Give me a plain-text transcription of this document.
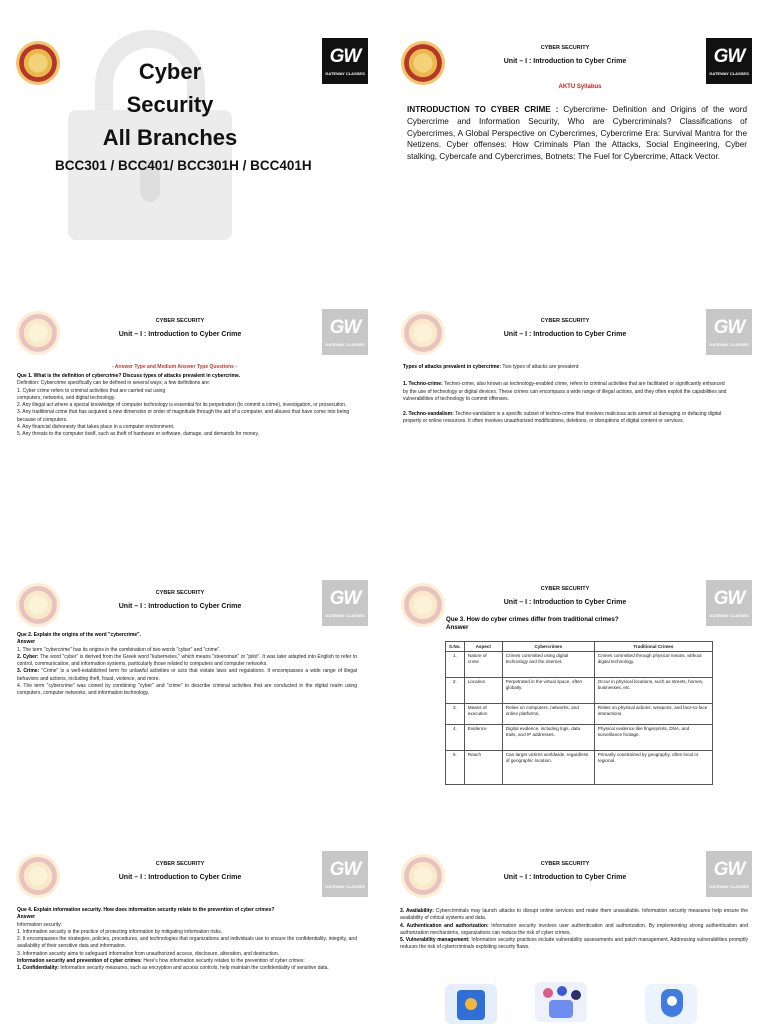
GW
GATEWAY CLASSES
Cyber
Security
All Branches
BCC301 / BCC401/ BCC301H / BCC401H
GW
GATEWAY CLASSES
CYBER SECURITY
Unit – I : Introduction to Cyber Crime
AKTU Syllabus
INTRODUCTION TO CYBER CRIME : Cybercrime- Definition and Origins of the word Cybercrime and Information Security, Who are Cybercriminals? Classifications of Cybercrimes, A Global Perspective on Cybercrimes, Cybercrime Era: Survival Mantra for the Netizens. Cyber offenses: How Criminals Plan the Attacks, Social Engineering, Cyber stalking, Cybercafe and Cybercrimes, Botnets: The Fuel for Cybercrime, Attack Vector.
GW
GATEWAY CLASSES
CYBER SECURITY
Unit – I : Introduction to Cyber Crime
- Answer Type and Medium Answer Type Questions -

Que 1. What is the definition of cybercrime? Discuss types of attacks prevalent in cybercrime.

Definition: Cybercrime specifically can be defined in several ways; a few definitions are:

1. Cyber crime refers to criminal activities that are carried out using

computers, networks, and digital technology.

2. Any illegal act where a special knowledge of computer technology is essential for its perpetration (to commit a crime), investigation, or prosecution.

3. Any traditional crime that has acquired a new dimension or order of magnitude through the aid of a computer, and abuses that have come into being because of computers.

4. Any financial dishonesty that takes place in a computer environment.

5. Any threats to the computer itself, such as theft of hardware or software, damage, and demands for money.

GW
GATEWAY CLASSES
CYBER SECURITY
Unit – I : Introduction to Cyber Crime

Types of attacks prevalent in cybercrime: Two types of attacks are prevalent:

1. Techno-crime: Techno-crime, also known as technology-enabled crime, refers to criminal activities that are facilitated or significantly enhanced by the use of technology or digital devices. These crimes can encompass a wide range of illegal actions, and they often exploit the capabilities and vulnerabilities of technology to commit offenses.

2. Techno-vandalism: Techno-vandalism is a specific subset of techno-crime that involves malicious acts aimed at damaging or defacing digital property or online resources. It often involves unauthorized modifications, deletions, or disruptions of digital content or services.

GW
GATEWAY CLASSES
CYBER SECURITY
Unit – I : Introduction to Cyber Crime

Que 2. Explain the origins of the word "cybercrime".

Answer

1. The term "cybercrime" has its origins in the combination of two words "cyber" and "crime".

2. Cyber: The word "cyber" is derived from the Greek word "kubernetes," which means "steersman" or "pilot". It was later adapted into English to refer to control, communication, and information systems, particularly those related to computers and computer networks.

3. Crime: "Crime" is a well-established term for unlawful activities or acts that violate laws and regulations. It encompasses a wide range of illegal behaviors and actions, including theft, fraud, violence, and more.

4. The term "cybercrime" was coined by combining "cyber" and "crime" to describe criminal activities that are conducted in the digital realm using computers, computer networks, and information technology.

GW
GATEWAY CLASSES
CYBER SECURITY
Unit – I : Introduction to Cyber Crime

Que 3. How do cyber crimes differ from traditional crimes?

Answer

S.No.	Aspect	Cybercrimes	Traditional Crimes
1.	Nature of crime	Crimes committed using digital technology and the internet.	Crimes committed through physical means, without digital technology.
2.	Location	Perpetrated in the virtual space, often globally.	Occur in physical locations, such as streets, homes, businesses, etc.
3.	Means of execution	Relies on computers, networks, and online platforms.	Relies on physical actions, weapons, and face-to-face interactions.
4.	Evidence	Digital evidence, including logs, data trails, and IP addresses.	Physical evidence like fingerprints, DNA, and surveillance footage.
5.	Reach	Can target victims worldwide, regardless of geographic location.	Primarily constrained by geography, often local or regional.
GW
GATEWAY CLASSES
CYBER SECURITY
Unit – I : Introduction to Cyber Crime

Que 4. Explain information security. How does information security relate to the prevention of cyber crimes?

Answer

Information security:

1. Information security is the practice of protecting information by mitigating information risks.

2. It encompasses the strategies, policies, procedures, and technologies that organizations and individuals use to ensure the confidentiality, integrity, and availability of their sensitive data and information.

3. Information security aims to safeguard information from unauthorized access, disclosure, alteration, and destruction.

Information security and prevention of cyber crimes: Here's how information security relates to the prevention of cyber crimes:

1. Confidentiality: Information security measures, such as encryption and access controls, help maintain the confidentiality of sensitive data.

GW
GATEWAY CLASSES
CYBER SECURITY
Unit – I : Introduction to Cyber Crime

3. Availability: Cybercriminals may launch attacks to disrupt online services and make them unavailable. Information security measures help ensure the availability of critical systems and data.

4. Authentication and authorization: Information security involves user authentication and authorization. By implementing strong authentication and authorization mechanisms, organizations can reduce the risk of cyber crimes.

5. Vulnerability management: Information security practices include vulnerability assessments and patch management. Addressing vulnerabilities promptly reduces the risk of cybercriminals exploiting security flaws.
